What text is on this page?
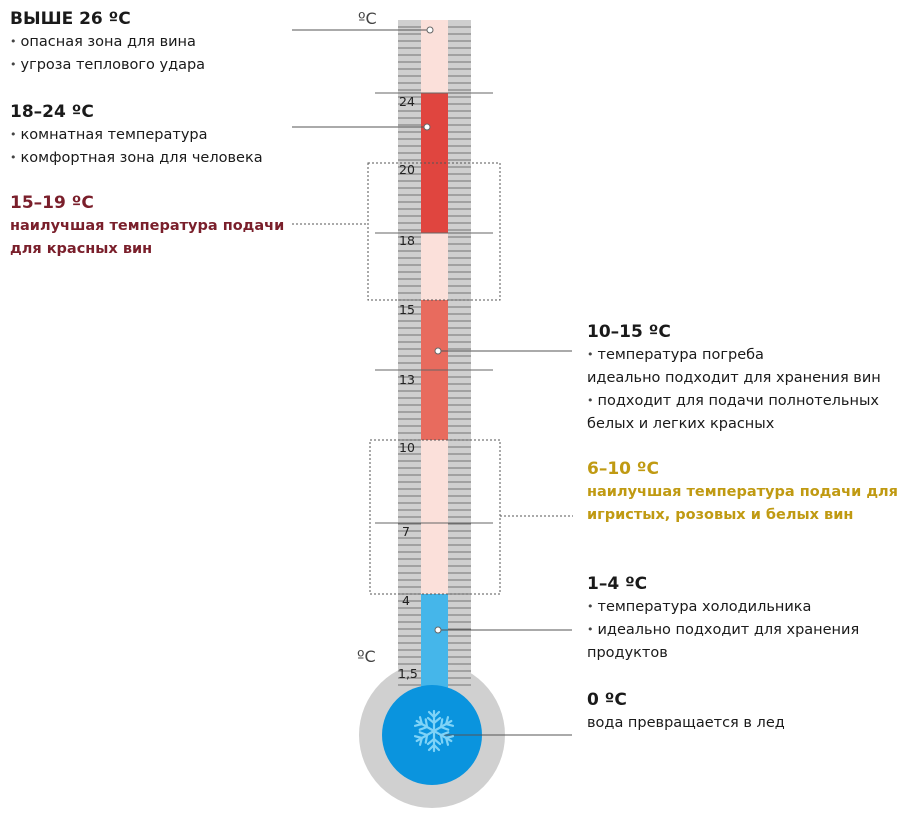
24
20
18
15
13
10
7
4
1,5
ºC
ºC
ВЫШЕ 26 ºC
• опасная зона для вина
• угроза теплового удара
18–24 ºC
• комнатная температура
• комфортная зона для человека
15–19 ºC
наилучшая температура подачи
для красных вин
10–15 ºC
• температура погреба
идеально подходит для хранения вин
• подходит для подачи полнотельных
белых и легких красных
6–10 ºC
наилучшая температура подачи для
игристых, розовых и белых вин
1–4 ºC
• температура холодильника
• идеально подходит для хранения
продуктов
0 ºC
вода превращается в лед
